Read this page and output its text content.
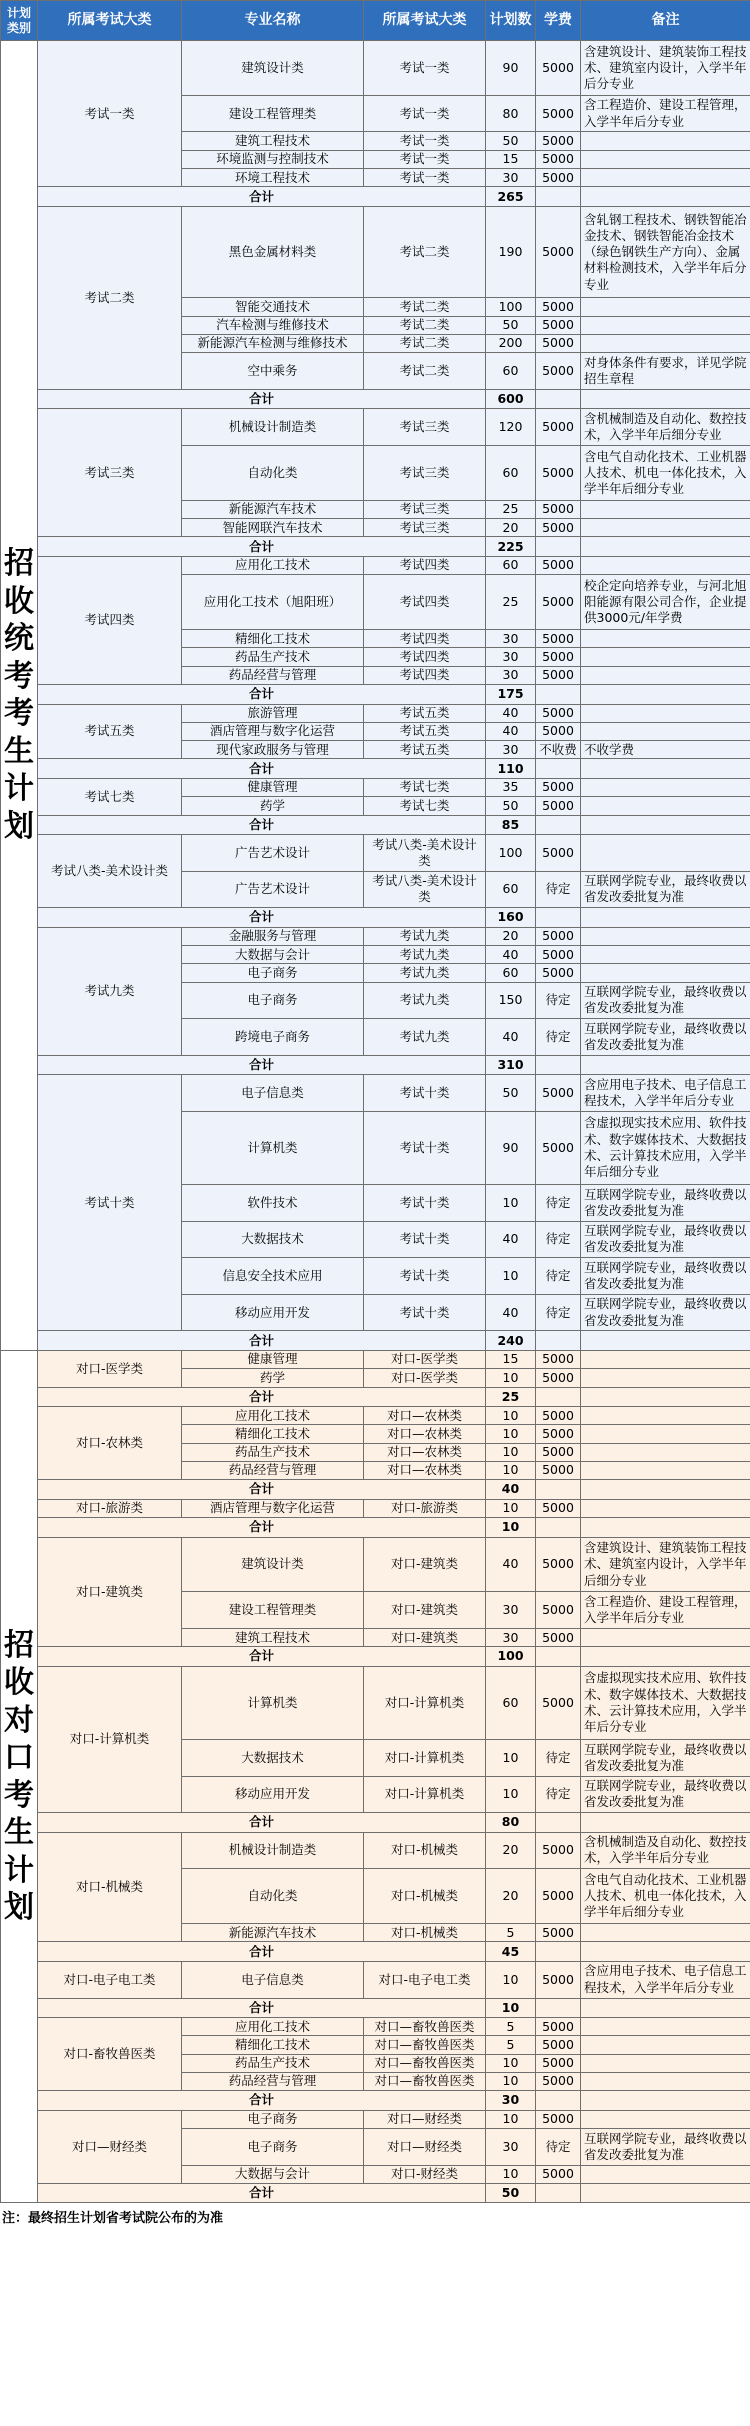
计划类别	所属考试大类	专业名称	所属考试大类	计划数	学费	备注
招收统考考生计划	考试一类	建筑设计类	考试一类	90	5000	含建筑设计、建筑装饰工程技术、建筑室内设计，入学半年后分专业
		建设工程管理类	考试一类	80	5000	含工程造价、建设工程管理，入学半年后分专业
		建筑工程技术	考试一类	50	5000	
		环境监测与控制技术	考试一类	15	5000	
		环境工程技术	考试一类	30	5000	
	合计			265		
	考试二类	黑色金属材料类	考试二类	190	5000	含轧钢工程技术、钢铁智能冶金技术、钢铁智能冶金技术（绿色钢铁生产方向）、金属材料检测技术，入学半年后分专业
		智能交通技术	考试二类	100	5000	
		汽车检测与维修技术	考试二类	50	5000	
		新能源汽车检测与维修技术	考试二类	200	5000	
		空中乘务	考试二类	60	5000	对身体条件有要求，详见学院招生章程
	合计			600		
	考试三类	机械设计制造类	考试三类	120	5000	含机械制造及自动化、数控技术，入学半年后细分专业
		自动化类	考试三类	60	5000	含电气自动化技术、工业机器人技术、机电一体化技术，入学半年后细分专业
		新能源汽车技术	考试三类	25	5000	
		智能网联汽车技术	考试三类	20	5000	
	合计			225		
	考试四类	应用化工技术	考试四类	60	5000	
		应用化工技术（旭阳班）	考试四类	25	5000	校企定向培养专业，与河北旭阳能源有限公司合作，企业提供3000元/年学费
		精细化工技术	考试四类	30	5000	
		药品生产技术	考试四类	30	5000	
		药品经营与管理	考试四类	30	5000	
	合计			175		
	考试五类	旅游管理	考试五类	40	5000	
		酒店管理与数字化运营	考试五类	40	5000	
		现代家政服务与管理	考试五类	30	不收费	不收学费
	合计			110		
	考试七类	健康管理	考试七类	35	5000	
		药学	考试七类	50	5000	
	合计			85		
	考试八类-美术设计类	广告艺术设计	考试八类-美术设计类	100	5000	
		广告艺术设计	考试八类-美术设计类	60	待定	互联网学院专业，最终收费以省发改委批复为准
	合计			160		
	考试九类	金融服务与管理	考试九类	20	5000	
		大数据与会计	考试九类	40	5000	
		电子商务	考试九类	60	5000	
		电子商务	考试九类	150	待定	互联网学院专业，最终收费以省发改委批复为准
		跨境电子商务	考试九类	40	待定	互联网学院专业，最终收费以省发改委批复为准
	合计			310		
	考试十类	电子信息类	考试十类	50	5000	含应用电子技术、电子信息工程技术，入学半年后分专业
		计算机类	考试十类	90	5000	含虚拟现实技术应用、软件技术、数字媒体技术、大数据技术、云计算技术应用，入学半年后细分专业
		软件技术	考试十类	10	待定	互联网学院专业，最终收费以省发改委批复为准
		大数据技术	考试十类	40	待定	互联网学院专业，最终收费以省发改委批复为准
		信息安全技术应用	考试十类	10	待定	互联网学院专业，最终收费以省发改委批复为准
		移动应用开发	考试十类	40	待定	互联网学院专业，最终收费以省发改委批复为准
	合计			240		
招收对口考生计划	对口-医学类	健康管理	对口-医学类	15	5000	
		药学	对口-医学类	10	5000	
	合计			25		
	对口-农林类	应用化工技术	对口—农林类	10	5000	
		精细化工技术	对口—农林类	10	5000	
		药品生产技术	对口—农林类	10	5000	
		药品经营与管理	对口—农林类	10	5000	
	合计			40		
	对口-旅游类	酒店管理与数字化运营	对口-旅游类	10	5000	
	合计			10		
	对口-建筑类	建筑设计类	对口-建筑类	40	5000	含建筑设计、建筑装饰工程技术、建筑室内设计，入学半年后细分专业
		建设工程管理类	对口-建筑类	30	5000	含工程造价、建设工程管理，入学半年后分专业
		建筑工程技术	对口-建筑类	30	5000	
	合计			100		
	对口-计算机类	计算机类	对口-计算机类	60	5000	含虚拟现实技术应用、软件技术、数字媒体技术、大数据技术、云计算技术应用，入学半年后分专业
		大数据技术	对口-计算机类	10	待定	互联网学院专业，最终收费以省发改委批复为准
		移动应用开发	对口-计算机类	10	待定	互联网学院专业，最终收费以省发改委批复为准
	合计			80		
	对口-机械类	机械设计制造类	对口-机械类	20	5000	含机械制造及自动化、数控技术，入学半年后分专业
		自动化类	对口-机械类	20	5000	含电气自动化技术、工业机器人技术、机电一体化技术，入学半年后细分专业
		新能源汽车技术	对口-机械类	5	5000	
	合计			45		
	对口-电子电工类	电子信息类	对口-电子电工类	10	5000	含应用电子技术、电子信息工程技术，入学半年后分专业
	合计			10		
	对口-畜牧兽医类	应用化工技术	对口—畜牧兽医类	5	5000	
		精细化工技术	对口—畜牧兽医类	5	5000	
		药品生产技术	对口—畜牧兽医类	10	5000	
		药品经营与管理	对口—畜牧兽医类	10	5000	
	合计			30		
	对口—财经类	电子商务	对口—财经类	10	5000	
		电子商务	对口—财经类	30	待定	互联网学院专业，最终收费以省发改委批复为准
		大数据与会计	对口-财经类	10	5000	
	合计			50		
注：最终招生计划省考试院公布的为准
